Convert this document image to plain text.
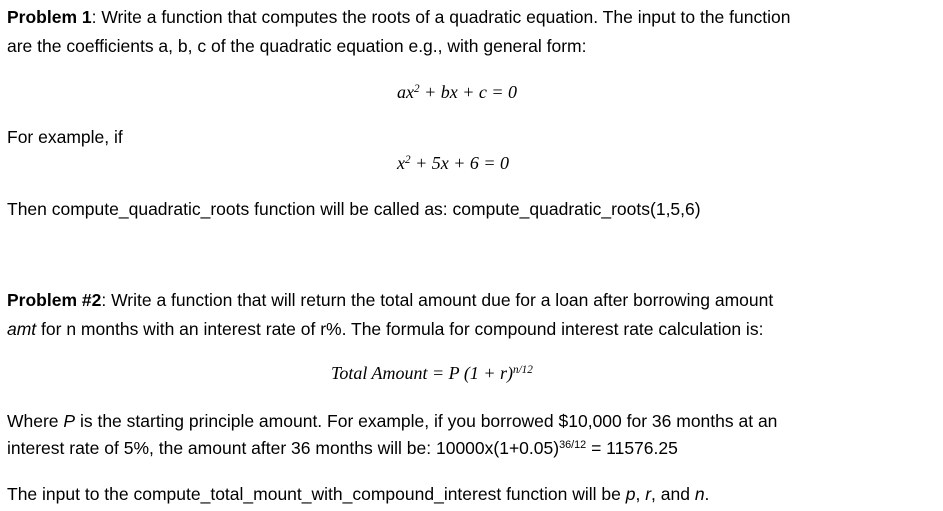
Problem 1: Write a function that computes the roots of a quadratic equation. The input to the function
are the coefficients a, b, c of the quadratic equation e.g., with general form:
$ax^2$ + bx + c = 0
For example, if
$x^2 + 5x + 6 = 0$
Then compute_quadratic_roots function will be called as: compute_quadratic_roots(1,5,6)
Problem #2: Write a function that will return the total amount due for a loan after borrowing amount
amt for n months with an interest rate of r%. The formula for compound interest rate calculation is:
Total Amount = P $(1 + r)^{n/12}$
Where P is the starting principle amount. For example, if you borrowed $10,000 for 36 months at an
interest rate of 5%, the amount after 36 months will be: $10000x(1+0.05)^{36/12} = 11576.25$
The input to the compute_total_mount_with_compound_interest function will be p, r, and n.
